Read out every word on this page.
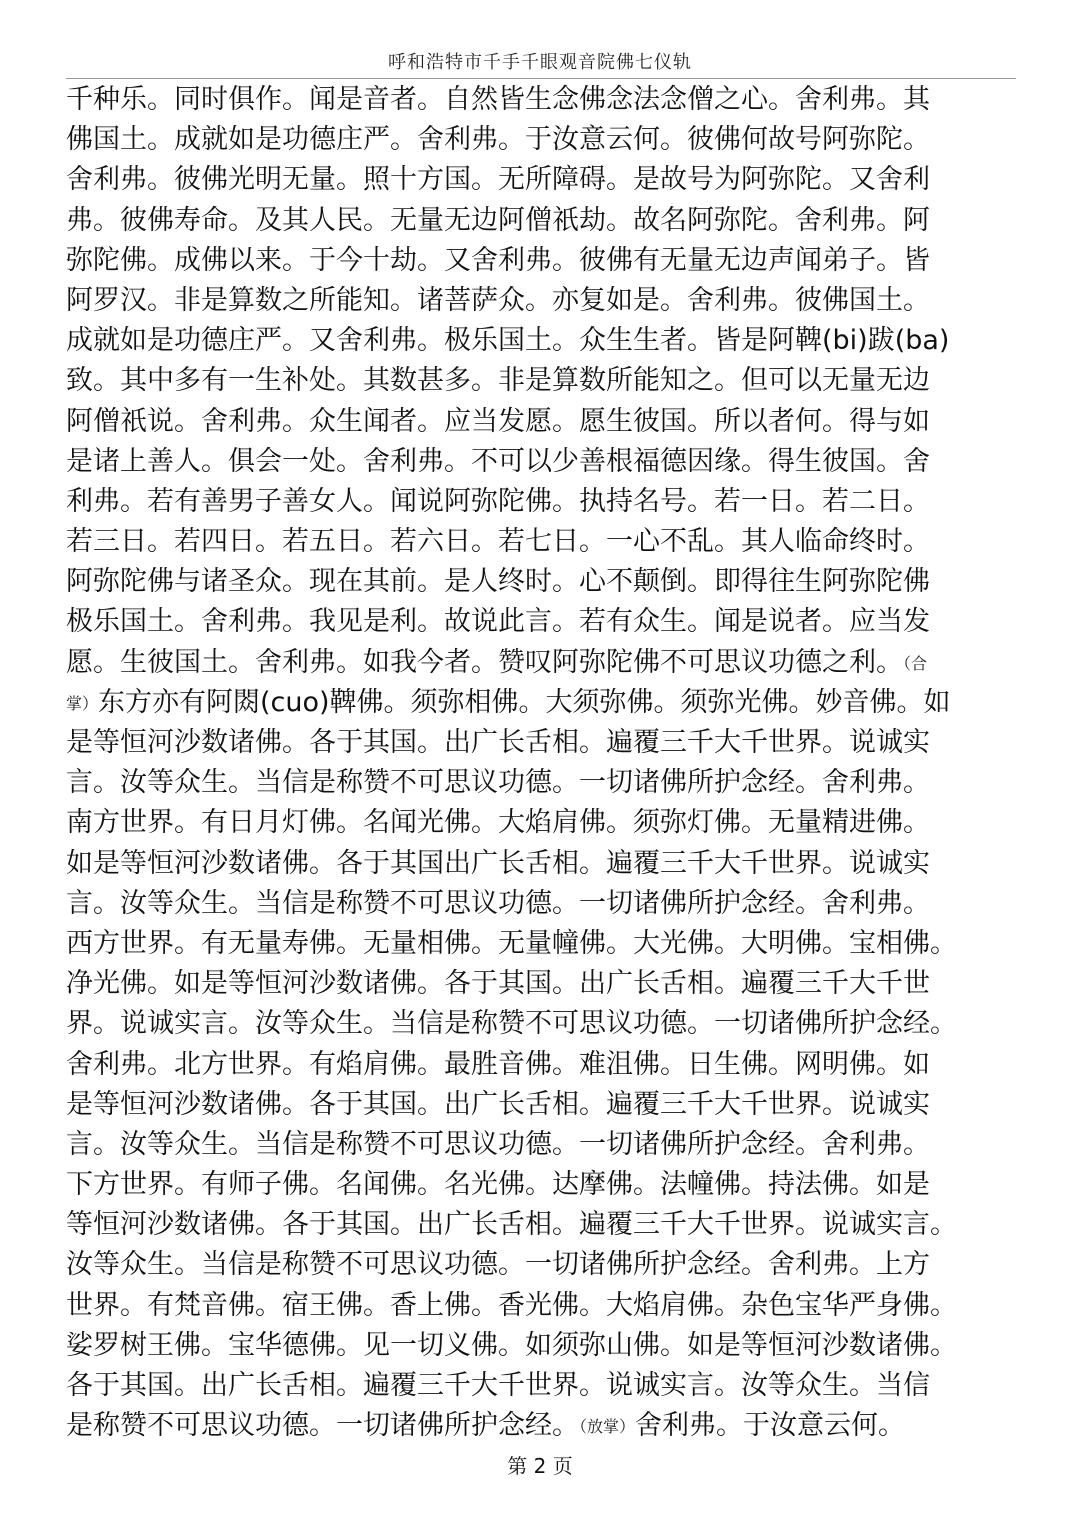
呼和浩特市千手千眼观音院佛七仪轨
千种乐。同时俱作。闻是音者。自然皆生念佛念法念僧之心。舍利弗。其
佛国土。成就如是功德庄严。舍利弗。于汝意云何。彼佛何故号阿弥陀。
舍利弗。彼佛光明无量。照十方国。无所障碍。是故号为阿弥陀。又舍利
弗。彼佛寿命。及其人民。无量无边阿僧祇劫。故名阿弥陀。舍利弗。阿
弥陀佛。成佛以来。于今十劫。又舍利弗。彼佛有无量无边声闻弟子。皆
阿罗汉。非是算数之所能知。诸菩萨众。亦复如是。舍利弗。彼佛国土。
成就如是功德庄严。又舍利弗。极乐国土。众生生者。皆是阿鞞(bi)跋(ba)
致。其中多有一生补处。其数甚多。非是算数所能知之。但可以无量无边
阿僧祇说。舍利弗。众生闻者。应当发愿。愿生彼国。所以者何。得与如
是诸上善人。俱会一处。舍利弗。不可以少善根福德因缘。得生彼国。舍
利弗。若有善男子善女人。闻说阿弥陀佛。执持名号。若一日。若二日。
若三日。若四日。若五日。若六日。若七日。一心不乱。其人临命终时。
阿弥陀佛与诸圣众。现在其前。是人终时。心不颠倒。即得往生阿弥陀佛
极乐国土。舍利弗。我见是利。故说此言。若有众生。闻是说者。应当发
愿。生彼国土。舍利弗。如我今者。赞叹阿弥陀佛不可思议功德之利。（合
掌）东方亦有阿閦(cuo)鞞佛。须弥相佛。大须弥佛。须弥光佛。妙音佛。如
是等恒河沙数诸佛。各于其国。出广长舌相。遍覆三千大千世界。说诚实
言。汝等众生。当信是称赞不可思议功德。一切诸佛所护念经。舍利弗。
南方世界。有日月灯佛。名闻光佛。大焰肩佛。须弥灯佛。无量精进佛。
如是等恒河沙数诸佛。各于其国出广长舌相。遍覆三千大千世界。说诚实
言。汝等众生。当信是称赞不可思议功德。一切诸佛所护念经。舍利弗。
西方世界。有无量寿佛。无量相佛。无量幢佛。大光佛。大明佛。宝相佛。
净光佛。如是等恒河沙数诸佛。各于其国。出广长舌相。遍覆三千大千世
界。说诚实言。汝等众生。当信是称赞不可思议功德。一切诸佛所护念经。
舍利弗。北方世界。有焰肩佛。最胜音佛。难沮佛。日生佛。网明佛。如
是等恒河沙数诸佛。各于其国。出广长舌相。遍覆三千大千世界。说诚实
言。汝等众生。当信是称赞不可思议功德。一切诸佛所护念经。舍利弗。
下方世界。有师子佛。名闻佛。名光佛。达摩佛。法幢佛。持法佛。如是
等恒河沙数诸佛。各于其国。出广长舌相。遍覆三千大千世界。说诚实言。
汝等众生。当信是称赞不可思议功德。一切诸佛所护念经。舍利弗。上方
世界。有梵音佛。宿王佛。香上佛。香光佛。大焰肩佛。杂色宝华严身佛。
娑罗树王佛。宝华德佛。见一切义佛。如须弥山佛。如是等恒河沙数诸佛。
各于其国。出广长舌相。遍覆三千大千世界。说诚实言。汝等众生。当信
是称赞不可思议功德。一切诸佛所护念经。（放掌）舍利弗。于汝意云何。
第 2 页
